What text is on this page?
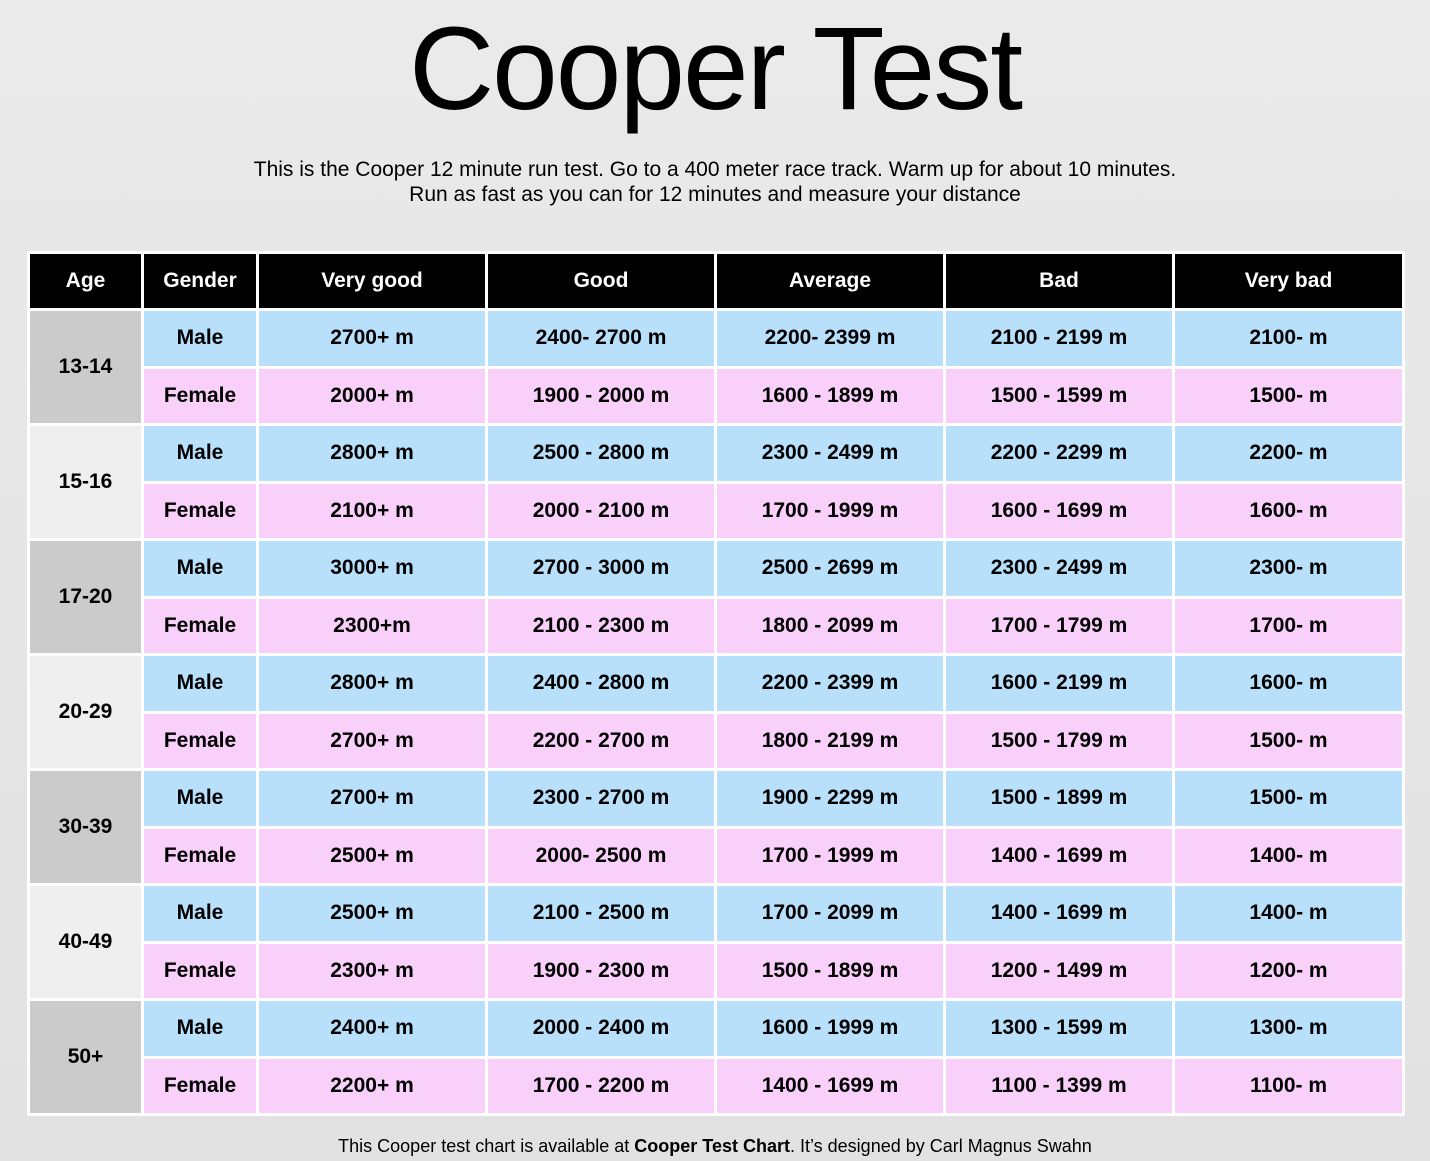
Cooper Test
This is the Cooper 12 minute run test. Go to a 400 meter race track. Warm up for about 10 minutes.
Run as fast as you can for 12 minutes and measure your distance
Age	Gender	Very good	Good	Average	Bad	Very bad
13-14	Male	2700+ m	2400- 2700 m	2200- 2399 m	2100 - 2199 m	2100- m
	Female	2000+ m	1900 - 2000 m	1600 - 1899 m	1500 - 1599 m	1500- m
15-16	Male	2800+ m	2500 - 2800 m	2300 - 2499 m	2200 - 2299 m	2200- m
	Female	2100+ m	2000 - 2100 m	1700 - 1999 m	1600 - 1699 m	1600- m
17-20	Male	3000+ m	2700 - 3000 m	2500 - 2699 m	2300 - 2499 m	2300- m
	Female	2300+m	2100 - 2300 m	1800 - 2099 m	1700 - 1799 m	1700- m
20-29	Male	2800+ m	2400 - 2800 m	2200 - 2399 m	1600 - 2199 m	1600- m
	Female	2700+ m	2200 - 2700 m	1800 - 2199 m	1500 - 1799 m	1500- m
30-39	Male	2700+ m	2300 - 2700 m	1900 - 2299 m	1500 - 1899 m	1500- m
	Female	2500+ m	2000- 2500 m	1700 - 1999 m	1400 - 1699 m	1400- m
40-49	Male	2500+ m	2100 - 2500 m	1700 - 2099 m	1400 - 1699 m	1400- m
	Female	2300+ m	1900 - 2300 m	1500 - 1899 m	1200 - 1499 m	1200- m
50+	Male	2400+ m	2000 - 2400 m	1600 - 1999 m	1300 - 1599 m	1300- m
	Female	2200+ m	1700 - 2200 m	1400 - 1699 m	1100 - 1399 m	1100- m
This Cooper test chart is available at Cooper Test Chart. It’s designed by Carl Magnus Swahn
